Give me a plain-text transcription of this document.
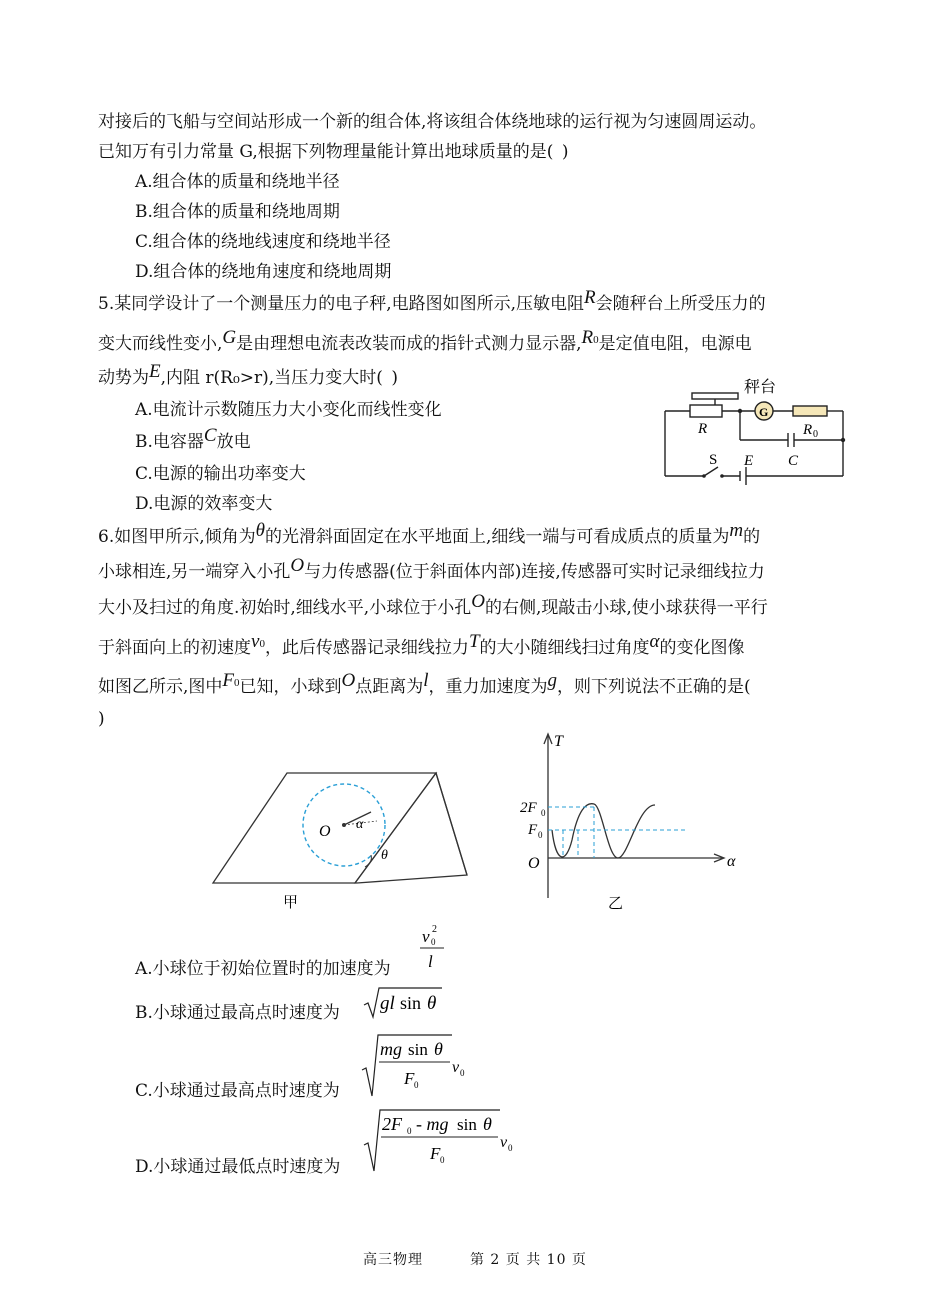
对接后的飞船与空间站形成一个新的组合体,将该组合体绕地球的运行视为匀速圆周运动。
已知万有引力常量 G,根据下列物理量能计算出地球质量的是( )
A.组合体的质量和绕地半径
B.组合体的质量和绕地周期
C.组合体的绕地线速度和绕地半径
D.组合体的绕地角速度和绕地周期
5.某同学设计了一个测量压力的电子秤,电路图如图所示,压敏电阻R会随秤台上所受压力的
变大而线性变小,G是由理想电流表改装而成的指针式测力显示器,R0是定值电阻，电源电
动势为E,内阻 r(R₀>r),当压力变大时( )
A.电流计示数随压力大小变化而线性变化
B.电容器C放电
C.电源的输出功率变大
D.电源的效率变大
秤台
R
G
R 0
C
S E
6.如图甲所示,倾角为θ的光滑斜面固定在水平地面上,细线一端与可看成质点的质量为m的
小球相连,另一端穿入小孔O与力传感器(位于斜面体内部)连接,传感器可实时记录细线拉力
大小及扫过的角度.初始时,细线水平,小球位于小孔O的右侧,现敲击小球,使小球获得一平行
于斜面向上的初速度v0，此后传感器记录细线拉力T的大小随细线扫过角度α的变化图像
如图乙所示,图中F0已知，小球到O点距离为l，重力加速度为g，则下列说法不正确的是(
)
O α
θ
甲
T
2F 0
F 0
O	α
乙
A.小球位于初始位置时的加速度为
v 0
2
l
B.小球通过最高点时速度为 gl sin θ
C.小球通过最高点时速度为
mg sin θ
F 0
v 0
D.小球通过最低点时速度为
2F 0 - mg sin θ
F 0
v 0
高三物理	第 2 页 共 10 页
